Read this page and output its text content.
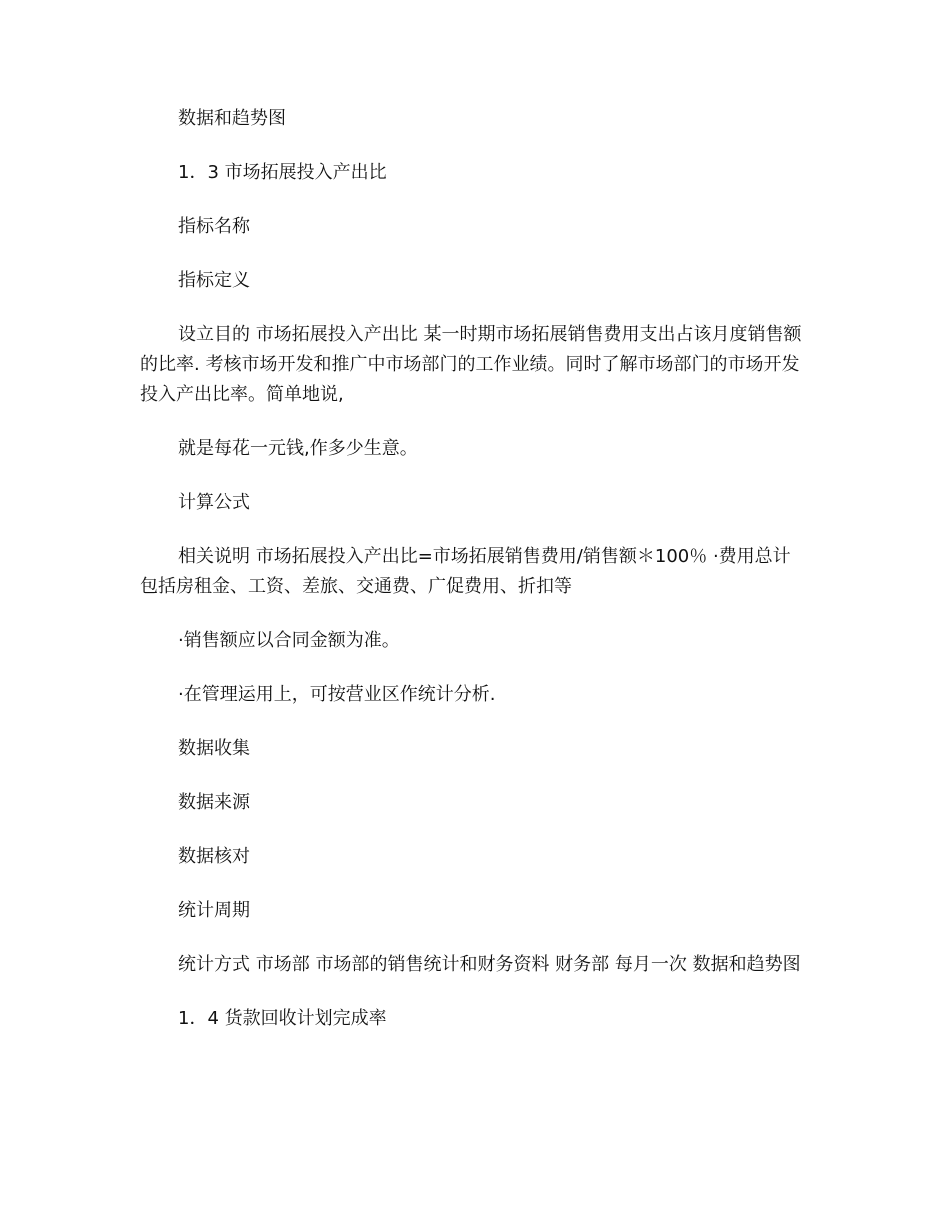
数据和趋势图

1．3 市场拓展投入产出比

指标名称

指标定义

设立目的 市场拓展投入产出比 某一时期市场拓展销售费用支出占该月度销售额的比率. 考核市场开发和推广中市场部门的工作业绩。同时了解市场部门的市场开发投入产出比率。简单地说,

就是每花一元钱,作多少生意。

计算公式

相关说明 市场拓展投入产出比=市场拓展销售费用/销售额＊100％ ·费用总计包括房租金、工资、差旅、交通费、广促费用、折扣等

·销售额应以合同金额为准。

·在管理运用上，可按营业区作统计分析.

数据收集

数据来源

数据核对

统计周期

统计方式 市场部 市场部的销售统计和财务资料 财务部 每月一次 数据和趋势图

1．4 货款回收计划完成率
